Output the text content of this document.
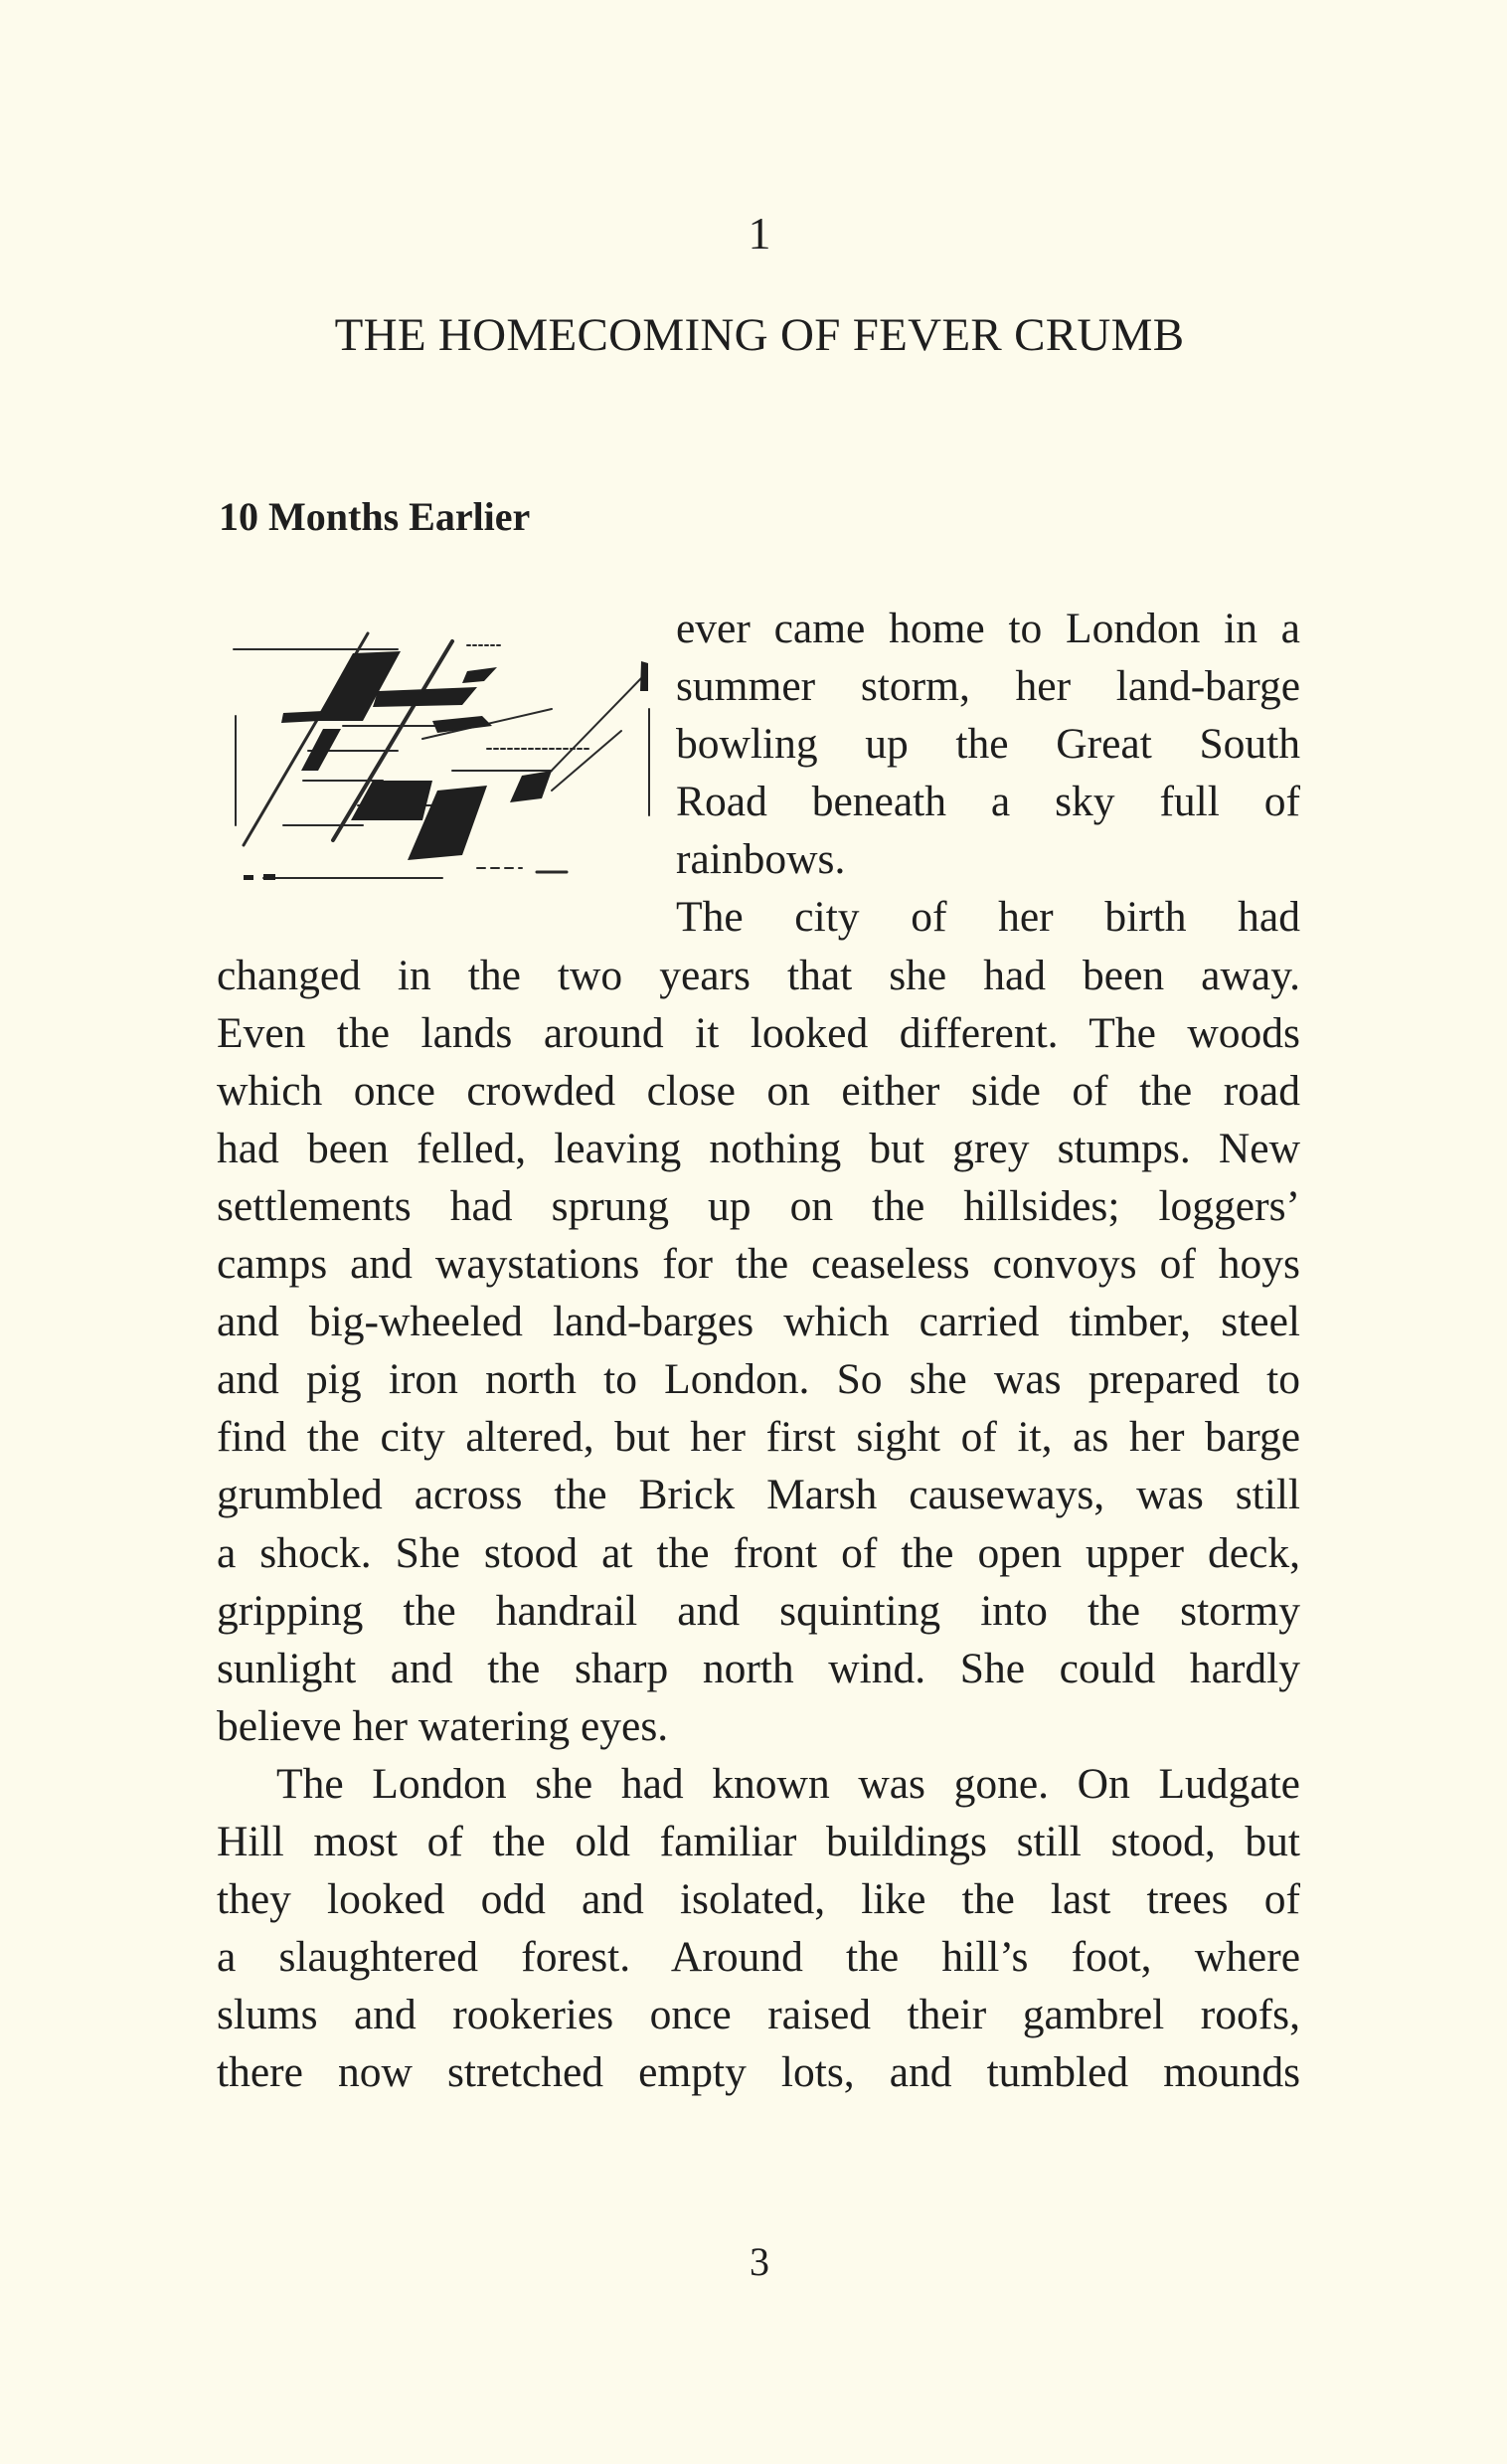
1
THE HOMECOMING OF FEVER CRUMB
10 Months Earlier
ever came home to London in a
summer storm, her land-barge
bowling up the Great South
Road beneath a sky full of
rainbows.
The city of her birth had
changed in the two years that she had been away.
Even the lands around it looked different. The woods
which once crowded close on either side of the road
had been felled, leaving nothing but grey stumps. New
settlements had sprung up on the hillsides; loggers’
camps and waystations for the ceaseless convoys of hoys
and big-wheeled land-barges which carried timber, steel
and pig iron north to London. So she was prepared to
find the city altered, but her first sight of it, as her barge
grumbled across the Brick Marsh causeways, was still
a shock. She stood at the front of the open upper deck,
gripping the handrail and squinting into the stormy
sunlight and the sharp north wind. She could hardly
believe her watering eyes.
The London she had known was gone. On Ludgate
Hill most of the old familiar buildings still stood, but
they looked odd and isolated, like the last trees of
a slaughtered forest. Around the hill’s foot, where
slums and rookeries once raised their gambrel roofs,
there now stretched empty lots, and tumbled mounds
3
